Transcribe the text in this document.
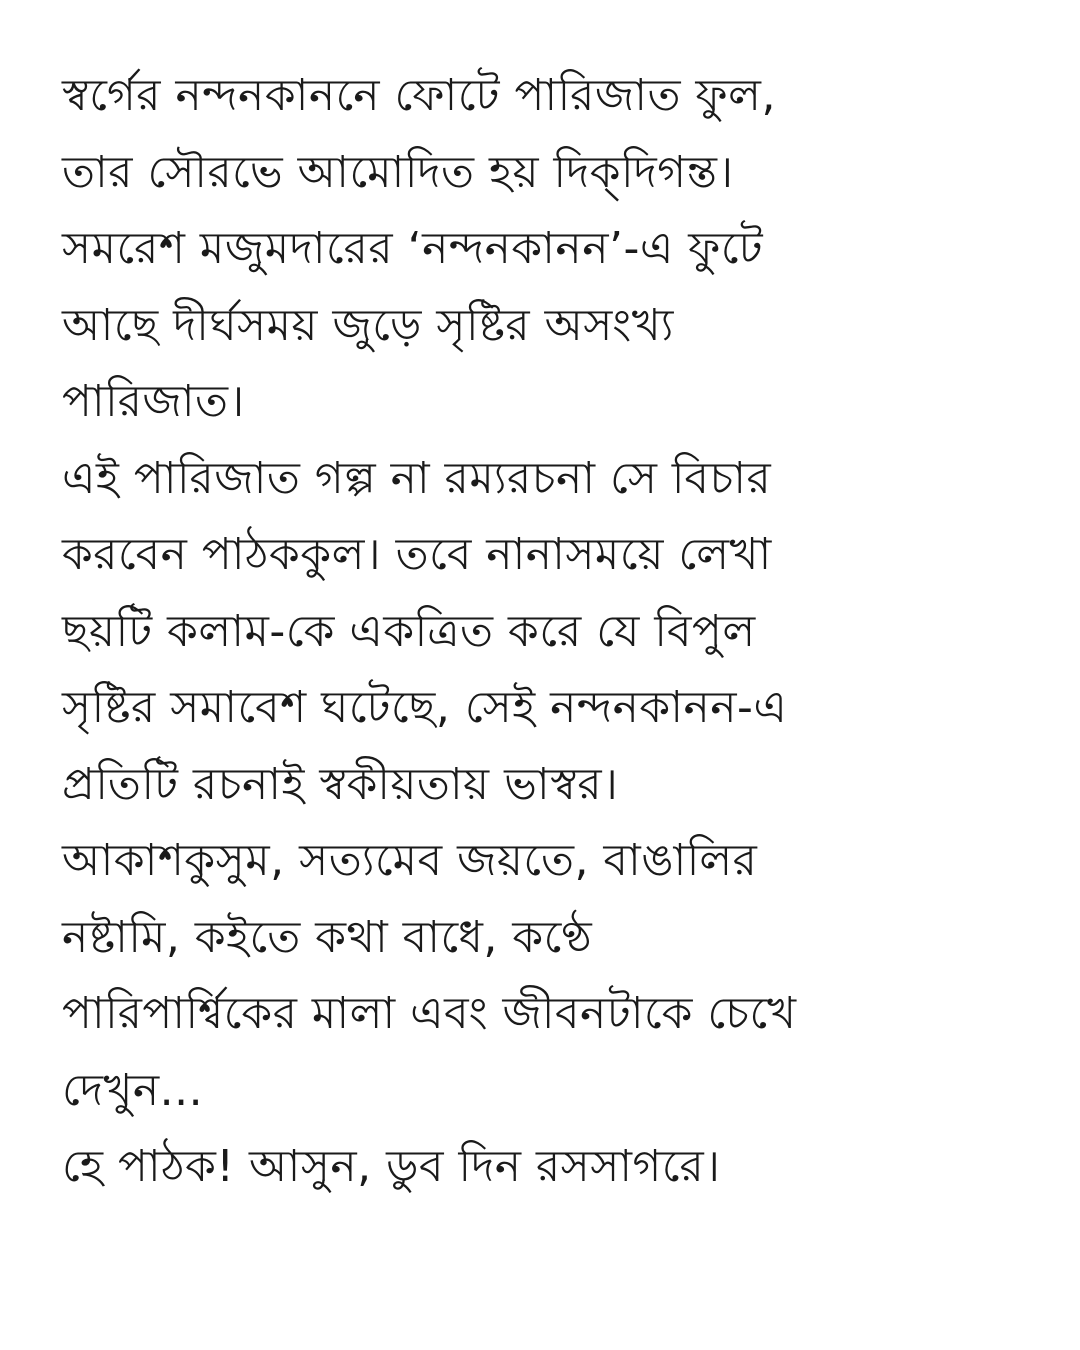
স্বর্গের নন্দনকাননে ফোটে পারিজাত ফুল,
তার সৌরভে আমোদিত হয় দিক্‌দিগন্ত।
সমরেশ মজুমদারের ‘নন্দনকানন’-এ ফুটে
আছে দীর্ঘসময় জুড়ে সৃষ্টির অসংখ্য
পারিজাত।
এই পারিজাত গল্প না রম্যরচনা সে বিচার
করবেন পাঠককুল। তবে নানাসময়ে লেখা
ছয়টি কলাম-কে একত্রিত করে যে বিপুল
সৃষ্টির সমাবেশ ঘটেছে, সেই নন্দনকানন-এ
প্রতিটি রচনাই স্বকীয়তায় ভাস্বর।
আকাশকুসুম, সত্যমেব জয়তে, বাঙালির
নষ্টামি, কইতে কথা বাধে, কণ্ঠে
পারিপার্শ্বিকের মালা এবং জীবনটাকে চেখে
দেখুন...
হে পাঠক! আসুন, ডুব দিন রসসাগরে।
